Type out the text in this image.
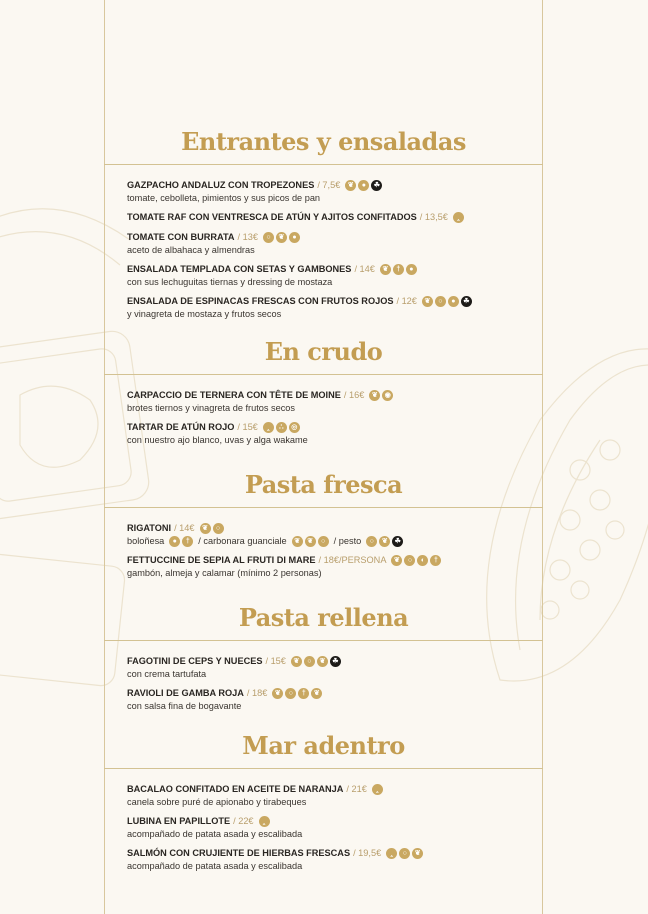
Entrantes y ensaladas
GAZPACHO ANDALUZ CON TROPEZONES / 7,5€	❦	●	☘
tomate, cebolleta, pimientos y sus picos de pan
TOMATE RAF CON VENTRESCA DE ATÚN Y AJITOS CONFITADOS / 13,5€	‸
TOMATE CON BURRATA / 13€	○	❦	●
aceto de albahaca y almendras
ENSALADA TEMPLADA CON SETAS Y GAMBONES / 14€	❦	†	●
con sus lechuguitas tiernas y dressing de mostaza
ENSALADA DE ESPINACAS FRESCAS CON FRUTOS ROJOS / 12€	❦	○	●	☘
y vinagreta de mostaza y frutos secos
En crudo
CARPACCIO DE TERNERA CON TÊTE DE MOINE / 16€	❦	◉
brotes tiernos y vinagreta de frutos secos
TARTAR DE ATÚN ROJO / 15€	‸	∴	◎
con nuestro ajo blanco, uvas y alga wakame
Pasta fresca
RIGATONI / 14€	❦	○
boloñesa	●	† / carbonara guanciale	❦	❦	○ / pesto	○	❦ ☘
FETTUCCINE DE SEPIA AL FRUTI DI MARE / 18€/PERSONA	❦	○	◐	†
gambón, almeja y calamar (mínimo 2 personas)
Pasta rellena
FAGOTINI DE CEPS Y NUECES / 15€	❦	○	❦ ☘
con crema tartufata
RAVIOLI DE GAMBA ROJA / 18€	❦	○	†	❦
con salsa fina de bogavante
Mar adentro
BACALAO CONFITADO EN ACEITE DE NARANJA / 21€	‸
canela sobre puré de apionabo y tirabeques
LUBINA EN PAPILLOTE / 22€	‸
acompañado de patata asada y escalibada
SALMÓN CON CRUJIENTE DE HIERBAS FRESCAS / 19,5€	‸	○	❦
acompañado de patata asada y escalibada
